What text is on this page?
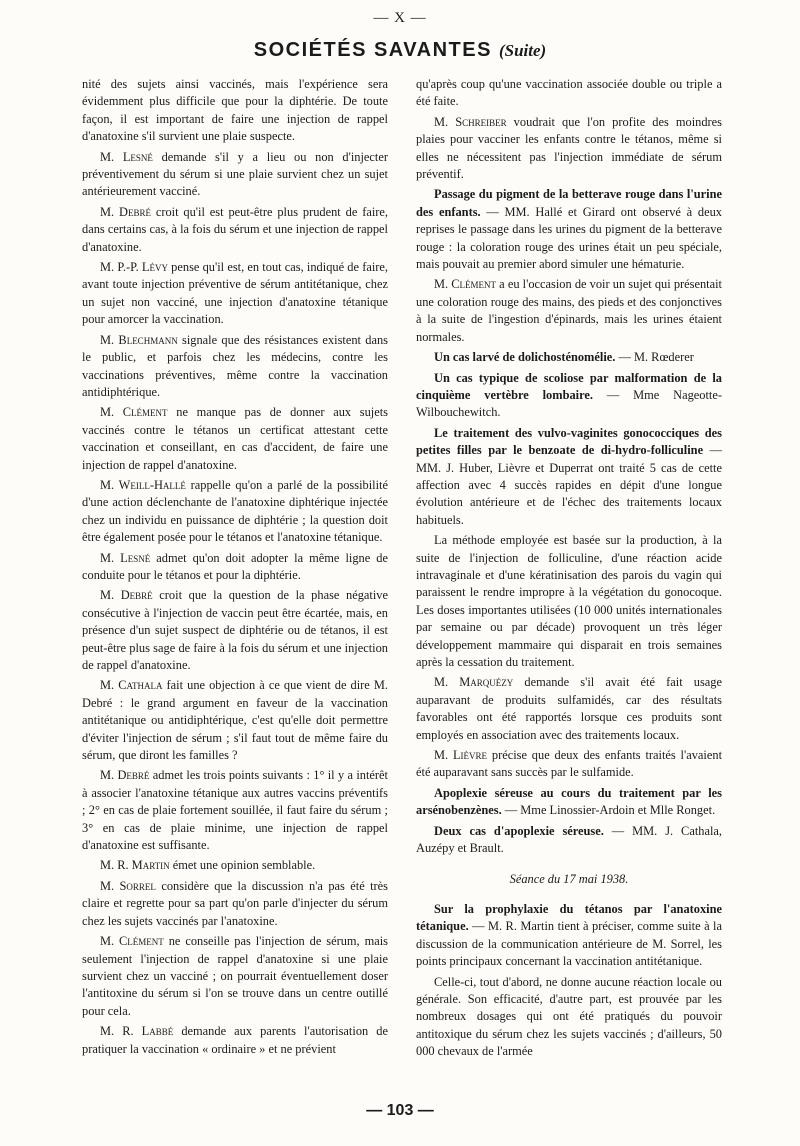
— X —
SOCIÉTÉS SAVANTES (Suite)

nité des sujets ainsi vaccinés, mais l'expérience sera évidemment plus difficile que pour la diphtérie. De toute façon, il est important de faire une injection de rappel d'anatoxine s'il survient une plaie suspecte.

M. Lesné demande s'il y a lieu ou non d'injecter préventivement du sérum si une plaie survient chez un sujet antérieurement vacciné.

M. Debré croit qu'il est peut-être plus prudent de faire, dans certains cas, à la fois du sérum et une injection de rappel d'anatoxine.

M. P.-P. Lévy pense qu'il est, en tout cas, indiqué de faire, avant toute injection préventive de sérum antitétanique, chez un sujet non vacciné, une injection d'anatoxine tétanique pour amorcer la vaccination.

M. Blechmann signale que des résistances existent dans le public, et parfois chez les médecins, contre les vaccinations préventives, même contre la vaccination antidiphtérique.

M. Clément ne manque pas de donner aux sujets vaccinés contre le tétanos un certificat attestant cette vaccination et conseillant, en cas d'accident, de faire une injection de rappel d'anatoxine.

M. Weill-Hallé rappelle qu'on a parlé de la possibilité d'une action déclenchante de l'anatoxine diphtérique injectée chez un individu en puissance de diphtérie ; la question doit être également posée pour le tétanos et l'anatoxine tétanique.

M. Lesné admet qu'on doit adopter la même ligne de conduite pour le tétanos et pour la diphtérie.

M. Debré croit que la question de la phase négative consécutive à l'injection de vaccin peut être écartée, mais, en présence d'un sujet suspect de diphtérie ou de tétanos, il est peut-être plus sage de faire à la fois du sérum et une injection de rappel d'anatoxine.

M. Cathala fait une objection à ce que vient de dire M. Debré : le grand argument en faveur de la vaccination antitétanique ou antidiphtérique, c'est qu'elle doit permettre d'éviter l'injection de sérum ; s'il faut tout de même faire du sérum, que diront les familles ?

M. Debré admet les trois points suivants : 1° il y a intérêt à associer l'anatoxine tétanique aux autres vaccins préventifs ; 2° en cas de plaie fortement souillée, il faut faire du sérum ; 3° en cas de plaie minime, une injection de rappel d'anatoxine est suffisante.

M. R. Martin émet une opinion semblable.

M. Sorrel considère que la discussion n'a pas été très claire et regrette pour sa part qu'on parle d'injecter du sérum chez les sujets vaccinés par l'anatoxine.

M. Clément ne conseille pas l'injection de sérum, mais seulement l'injection de rappel d'anatoxine si une plaie survient chez un vacciné ; on pourrait éventuellement doser l'antitoxine du sérum si l'on se trouve dans un centre outillé pour cela.

M. R. Labbé demande aux parents l'autorisation de pratiquer la vaccination « ordinaire » et ne prévient

qu'après coup qu'une vaccination associée double ou triple a été faite.

M. Schreiber voudrait que l'on profite des moindres plaies pour vacciner les enfants contre le tétanos, même si elles ne nécessitent pas l'injection immédiate de sérum préventif.

Passage du pigment de la betterave rouge dans l'urine des enfants. — MM. Hallé et Girard ont observé à deux reprises le passage dans les urines du pigment de la betterave rouge : la coloration rouge des urines était un peu spéciale, mais pouvait au premier abord simuler une hématurie.

M. Clément a eu l'occasion de voir un sujet qui présentait une coloration rouge des mains, des pieds et des conjonctives à la suite de l'ingestion d'épinards, mais les urines étaient normales.

Un cas larvé de dolichosténomélie. — M. Rœderer

Un cas typique de scoliose par malformation de la cinquième vertèbre lombaire. — Mme Nageotte-Wilbouchewitch.

Le traitement des vulvo-vaginites gonococciques des petites filles par le benzoate de di-hydro-folliculine — MM. J. Huber, Lièvre et Duperrat ont traité 5 cas de cette affection avec 4 succès rapides en dépit d'une longue évolution antérieure et de l'échec des traitements locaux habituels.

La méthode employée est basée sur la production, à la suite de l'injection de folliculine, d'une réaction acide intravaginale et d'une kératinisation des parois du vagin qui paraissent le rendre impropre à la végétation du gonocoque. Les doses importantes utilisées (10 000 unités internationales par semaine ou par décade) provoquent un très léger développement mammaire qui disparait en trois semaines après la cessation du traitement.

M. Marquézy demande s'il avait été fait usage auparavant de produits sulfamidés, car des résultats favorables ont été rapportés lorsque ces produits sont employés en association avec des traitements locaux.

M. Lièvre précise que deux des enfants traités l'avaient été auparavant sans succès par le sulfamide.

Apoplexie séreuse au cours du traitement par les arsénobenzènes. — Mme Linossier-Ardoin et Mlle Ronget.

Deux cas d'apoplexie séreuse. — MM. J. Cathala, Auzépy et Brault.

Séance du 17 mai 1938.

Sur la prophylaxie du tétanos par l'anatoxine tétanique. — M. R. Martin tient à préciser, comme suite à la discussion de la communication antérieure de M. Sorrel, les points principaux concernant la vaccination antitétanique.

Celle-ci, tout d'abord, ne donne aucune réaction locale ou générale. Son efficacité, d'autre part, est prouvée par les nombreux dosages qui ont été pratiqués du pouvoir antitoxique du sérum chez les sujets vaccinés ; d'ailleurs, 50 000 chevaux de l'armée

— 103 —
